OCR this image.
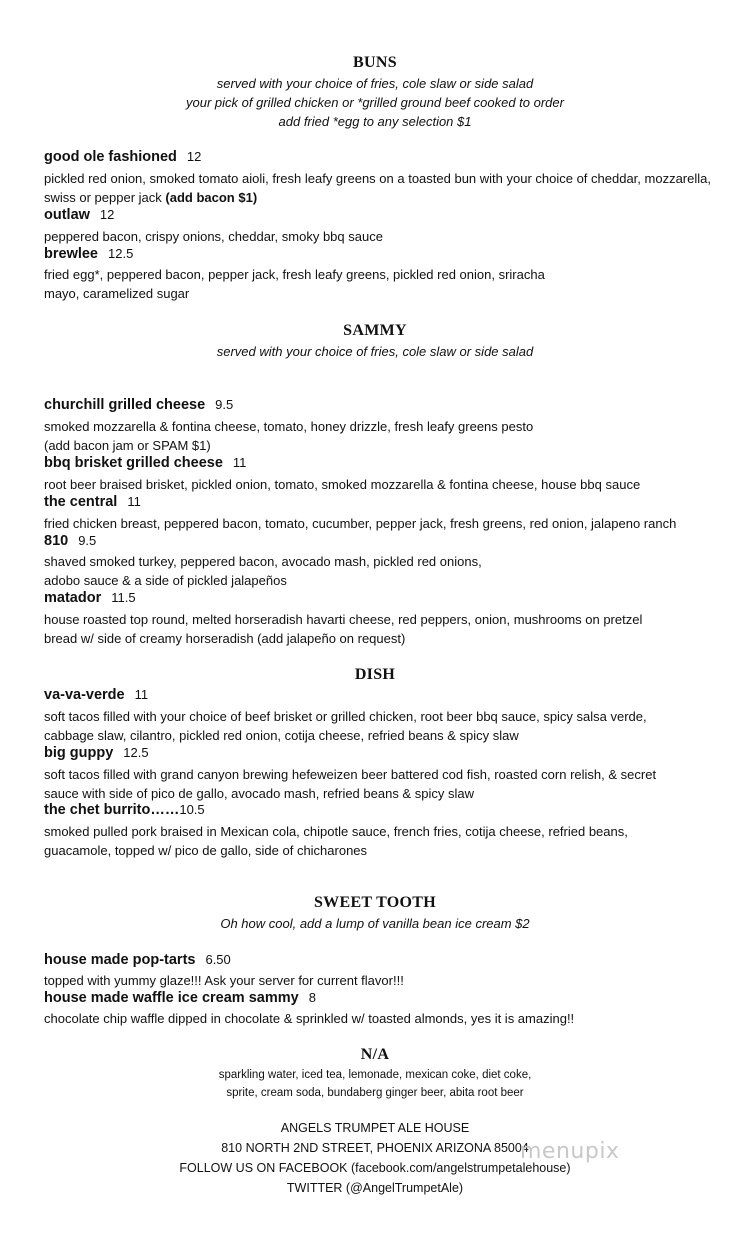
BUNS
served with your choice of fries, cole slaw or side salad
your pick of grilled chicken or *grilled ground beef cooked to order
add fried *egg to any selection $1
good ole fashioned 12
pickled red onion, smoked tomato aioli, fresh leafy greens on a toasted bun with your choice of cheddar, mozzarella, swiss or pepper jack (add bacon $1)
outlaw 12
peppered bacon, crispy onions, cheddar, smoky bbq sauce
brewlee 12.5
fried egg*, peppered bacon, pepper jack, fresh leafy greens, pickled red onion, sriracha
mayo, caramelized sugar
SAMMY
served with your choice of fries, cole slaw or side salad
churchill grilled cheese 9.5
smoked mozzarella & fontina cheese, tomato, honey drizzle, fresh leafy greens pesto
(add bacon jam or SPAM $1)
bbq brisket grilled cheese 11
root beer braised brisket, pickled onion, tomato, smoked mozzarella & fontina cheese, house bbq sauce
the central 11
fried chicken breast, peppered bacon, tomato, cucumber, pepper jack, fresh greens, red onion, jalapeno ranch
810 9.5
shaved smoked turkey, peppered bacon, avocado mash, pickled red onions,
adobo sauce & a side of pickled jalapeños
matador 11.5
house roasted top round, melted horseradish havarti cheese, red peppers, onion, mushrooms on pretzel
bread w/ side of creamy horseradish (add jalapeño on request)
DISH
va-va-verde 11
soft tacos filled with your choice of beef brisket or grilled chicken, root beer bbq sauce, spicy salsa verde,
cabbage slaw, cilantro, pickled red onion, cotija cheese, refried beans & spicy slaw
big guppy 12.5
soft tacos filled with grand canyon brewing hefeweizen beer battered cod fish, roasted corn relish, & secret
sauce with side of pico de gallo, avocado mash, refried beans & spicy slaw
the chet burrito……10.5
smoked pulled pork braised in Mexican cola, chipotle sauce, french fries, cotija cheese, refried beans,
guacamole, topped w/ pico de gallo, side of chicharones
SWEET TOOTH
Oh how cool, add a lump of vanilla bean ice cream $2
house made pop-tarts 6.50
topped with yummy glaze!!! Ask your server for current flavor!!!
house made waffle ice cream sammy 8
chocolate chip waffle dipped in chocolate & sprinkled w/ toasted almonds, yes it is amazing!!
N/A
sparkling water, iced tea, lemonade, mexican coke, diet coke,
sprite, cream soda, bundaberg ginger beer, abita root beer
ANGELS TRUMPET ALE HOUSE
810 NORTH 2ND STREET, PHOENIX ARIZONA 85004
FOLLOW US ON FACEBOOK (facebook.com/angelstrumpetalehouse)
TWITTER (@AngelTrumpetAle)
menupix
